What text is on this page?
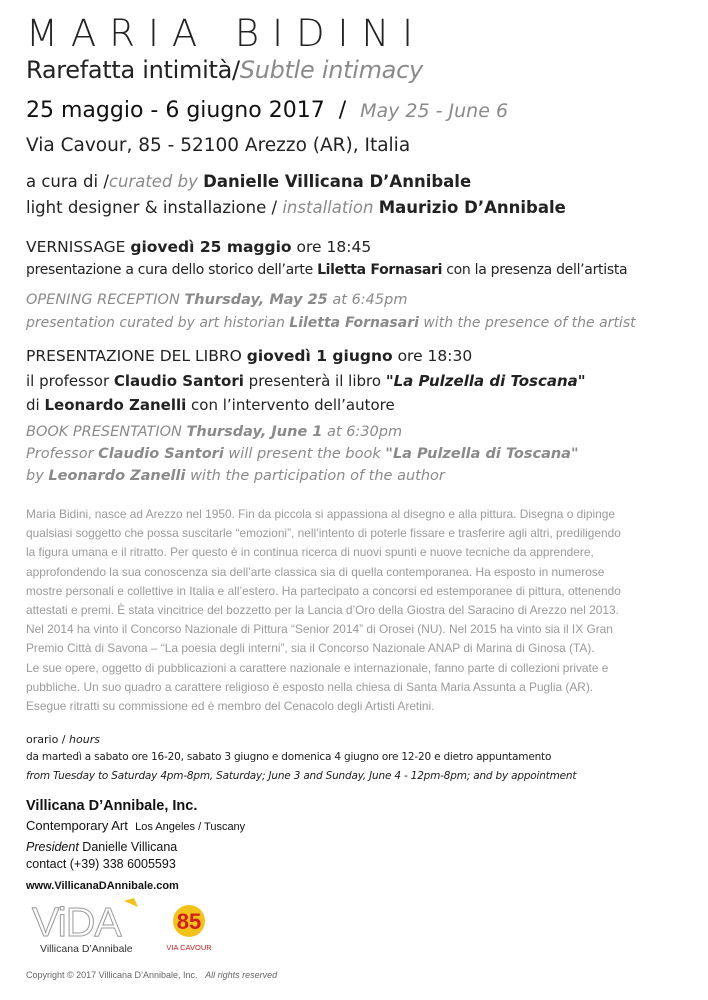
MARIA BIDINI
Rarefatta intimità/Subtle intimacy
25 maggio - 6 giugno 2017 / May 25 - June 6
Via Cavour, 85 - 52100 Arezzo (AR), Italia
a cura di /curated by Danielle Villicana D’Annibale
light designer & installazione / installation Maurizio D’Annibale
VERNISSAGE giovedì 25 maggio ore 18:45
presentazione a cura dello storico dell’arte Liletta Fornasari con la presenza dell’artista
OPENING RECEPTION Thursday, May 25 at 6:45pm
presentation curated by art historian Liletta Fornasari with the presence of the artist
PRESENTAZIONE DEL LIBRO giovedì 1 giugno ore 18:30
il professor Claudio Santori presenterà il libro "La Pulzella di Toscana"
di Leonardo Zanelli con l’intervento dell’autore
BOOK PRESENTATION Thursday, June 1 at 6:30pm
Professor Claudio Santori will present the book "La Pulzella di Toscana"
by Leonardo Zanelli with the participation of the author
Maria Bidini, nasce ad Arezzo nel 1950. Fin da piccola si appassiona al disegno e alla pittura. Disegna o dipinge
qualsiasi soggetto che possa suscitarle “emozioni”, nell’intento di poterle fissare e trasferire agli altri, prediligendo
la figura umana e il ritratto. Per questo è in continua ricerca di nuovi spunti e nuove tecniche da apprendere,
approfondendo la sua conoscenza sia dell’arte classica sia di quella contemporanea. Ha esposto in numerose
mostre personali e collettive in Italia e all’estero. Ha partecipato a concorsi ed estemporanee di pittura, ottenendo
attestati e premi. È stata vincitrice del bozzetto per la Lancia d’Oro della Giostra del Saracino di Arezzo nel 2013.
Nel 2014 ha vinto il Concorso Nazionale di Pittura “Senior 2014” di Orosei (NU). Nel 2015 ha vinto sia il IX Gran
Premio Città di Savona – “La poesia degli interni”, sia il Concorso Nazionale ANAP di Marina di Ginosa (TA).
Le sue opere, oggetto di pubblicazioni a carattere nazionale e internazionale, fanno parte di collezioni private e
pubbliche. Un suo quadro a carattere religioso è esposto nella chiesa di Santa Maria Assunta a Puglia (AR).
Esegue ritratti su commissione ed è membro del Cenacolo degli Artisti Aretini.
orario / hours
da martedì a sabato ore 16-20, sabato 3 giugno e domenica 4 giugno ore 12-20 e dietro appuntamento
from Tuesday to Saturday 4pm-8pm, Saturday; June 3 and Sunday, June 4 - 12pm-8pm; and by appointment
Villicana D’Annibale, Inc.
Contemporary Art Los Angeles / Tuscany
President Danielle Villicana
contact (+39) 338 6005593
www.VillicanaDAnnibale.com
ViDA
Villicana D’Annibale
85
VIA CAVOUR
Copyright © 2017 Villicana D’Annibale, Inc. All rights reserved
